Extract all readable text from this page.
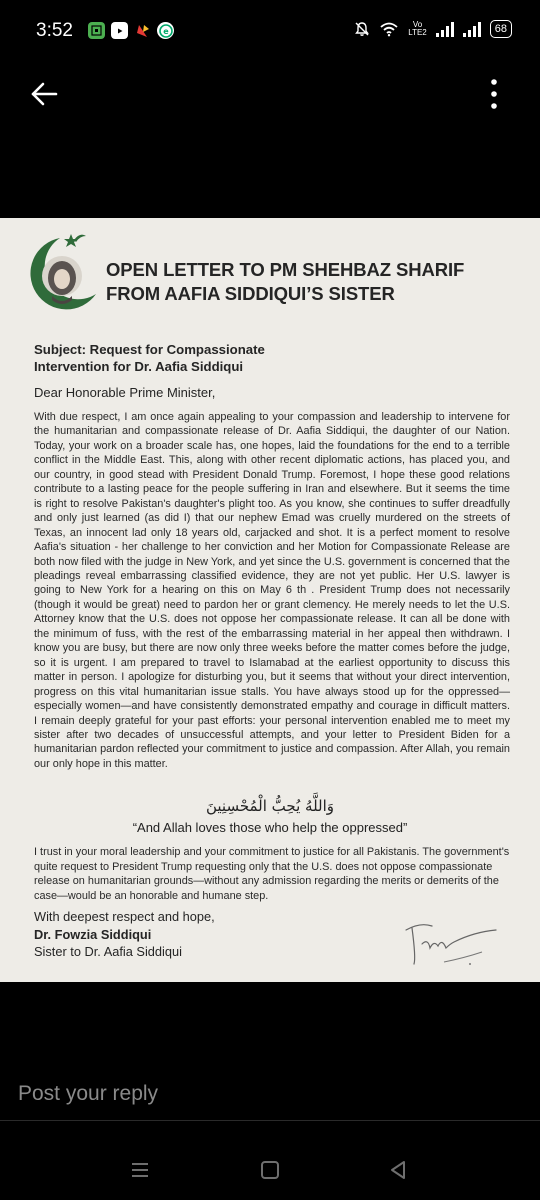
3:52	e
Vo
LTE2	68
OPEN LETTER TO PM SHEHBAZ SHARIF
FROM AAFIA SIDDIQUI’S SISTER
Subject: Request for Compassionate
Intervention for Dr. Aafia Siddiqui
Dear Honorable Prime Minister,
With due respect, I am once again appealing to your compassion and leadership to intervene for the humanitarian and compassionate release of Dr. Aafia Siddiqui, the daughter of our Nation. Today, your work on a broader scale has, one hopes, laid the foundations for the end to a terrible conflict in the Middle East. This, along with other recent diplomatic actions, has placed you, and our country, in good stead with President Donald Trump. Foremost, I hope these good relations contribute to a lasting peace for the people suffering in Iran and elsewhere. But it seems the time is right to resolve Pakistan's daughter's plight too. As you know, she continues to suffer dreadfully and only just learned (as did I) that our nephew Emad was cruelly murdered on the streets of Texas, an innocent lad only 18 years old, carjacked and shot. It is a perfect moment to resolve Aafia's situation - her challenge to her conviction and her Motion for Compassionate Release are both now filed with the judge in New York, and yet since the U.S. government is concerned that the pleadings reveal embarrassing classified evidence, they are not yet public. Her U.S. lawyer is going to New York for a hearing on this on May 6 th . President Trump does not necessarily (though it would be great) need to pardon her or grant clemency. He merely needs to let the U.S. Attorney know that the U.S. does not oppose her compassionate release. It can all be done with the minimum of fuss, with the rest of the embarrassing material in her appeal then withdrawn. I know you are busy, but there are now only three weeks before the matter comes before the judge, so it is urgent. I am prepared to travel to Islamabad at the earliest opportunity to discuss this matter in person. I apologize for disturbing you, but it seems that without your direct intervention, progress on this vital humanitarian issue stalls. You have always stood up for the oppressed—especially women—and have consistently demonstrated empathy and courage in difficult matters. I remain deeply grateful for your past efforts: your personal intervention enabled me to meet my sister after two decades of unsuccessful attempts, and your letter to President Biden for a humanitarian pardon reflected your commitment to justice and compassion. After Allah, you remain our only hope in this matter.
وَاللَّهُ يُحِبُّ الْمُحْسِنِينَ
“And Allah loves those who help the oppressed”
I trust in your moral leadership and your commitment to justice for all Pakistanis. The government's quite request to President Trump requesting only that the U.S. does not oppose compassionate release on humanitarian grounds—without any admission regarding the merits or demerits of the case—would be an honorable and humane step.
With deepest respect and hope,
Dr. Fowzia Siddiqui
Sister to Dr. Aafia Siddiqui
Post your reply
